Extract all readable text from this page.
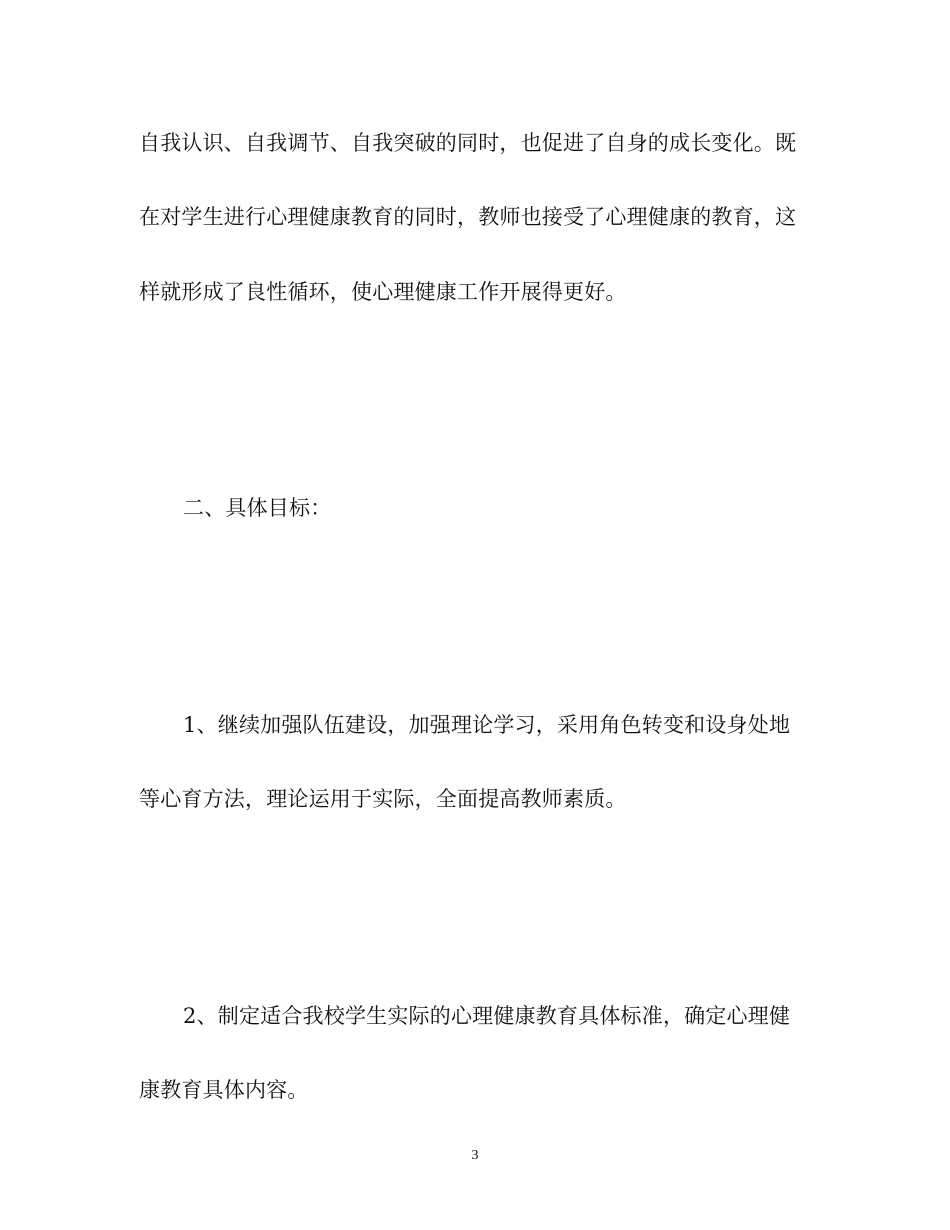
自我认识、自我调节、自我突破的同时，也促进了自身的成长变化。既
在对学生进行心理健康教育的同时，教师也接受了心理健康的教育，这
样就形成了良性循环，使心理健康工作开展得更好。
二、具体目标：
1、继续加强队伍建设，加强理论学习，采用角色转变和设身处地
等心育方法，理论运用于实际，全面提高教师素质。
2、制定适合我校学生实际的心理健康教育具体标准，确定心理健
康教育具体内容。
3
